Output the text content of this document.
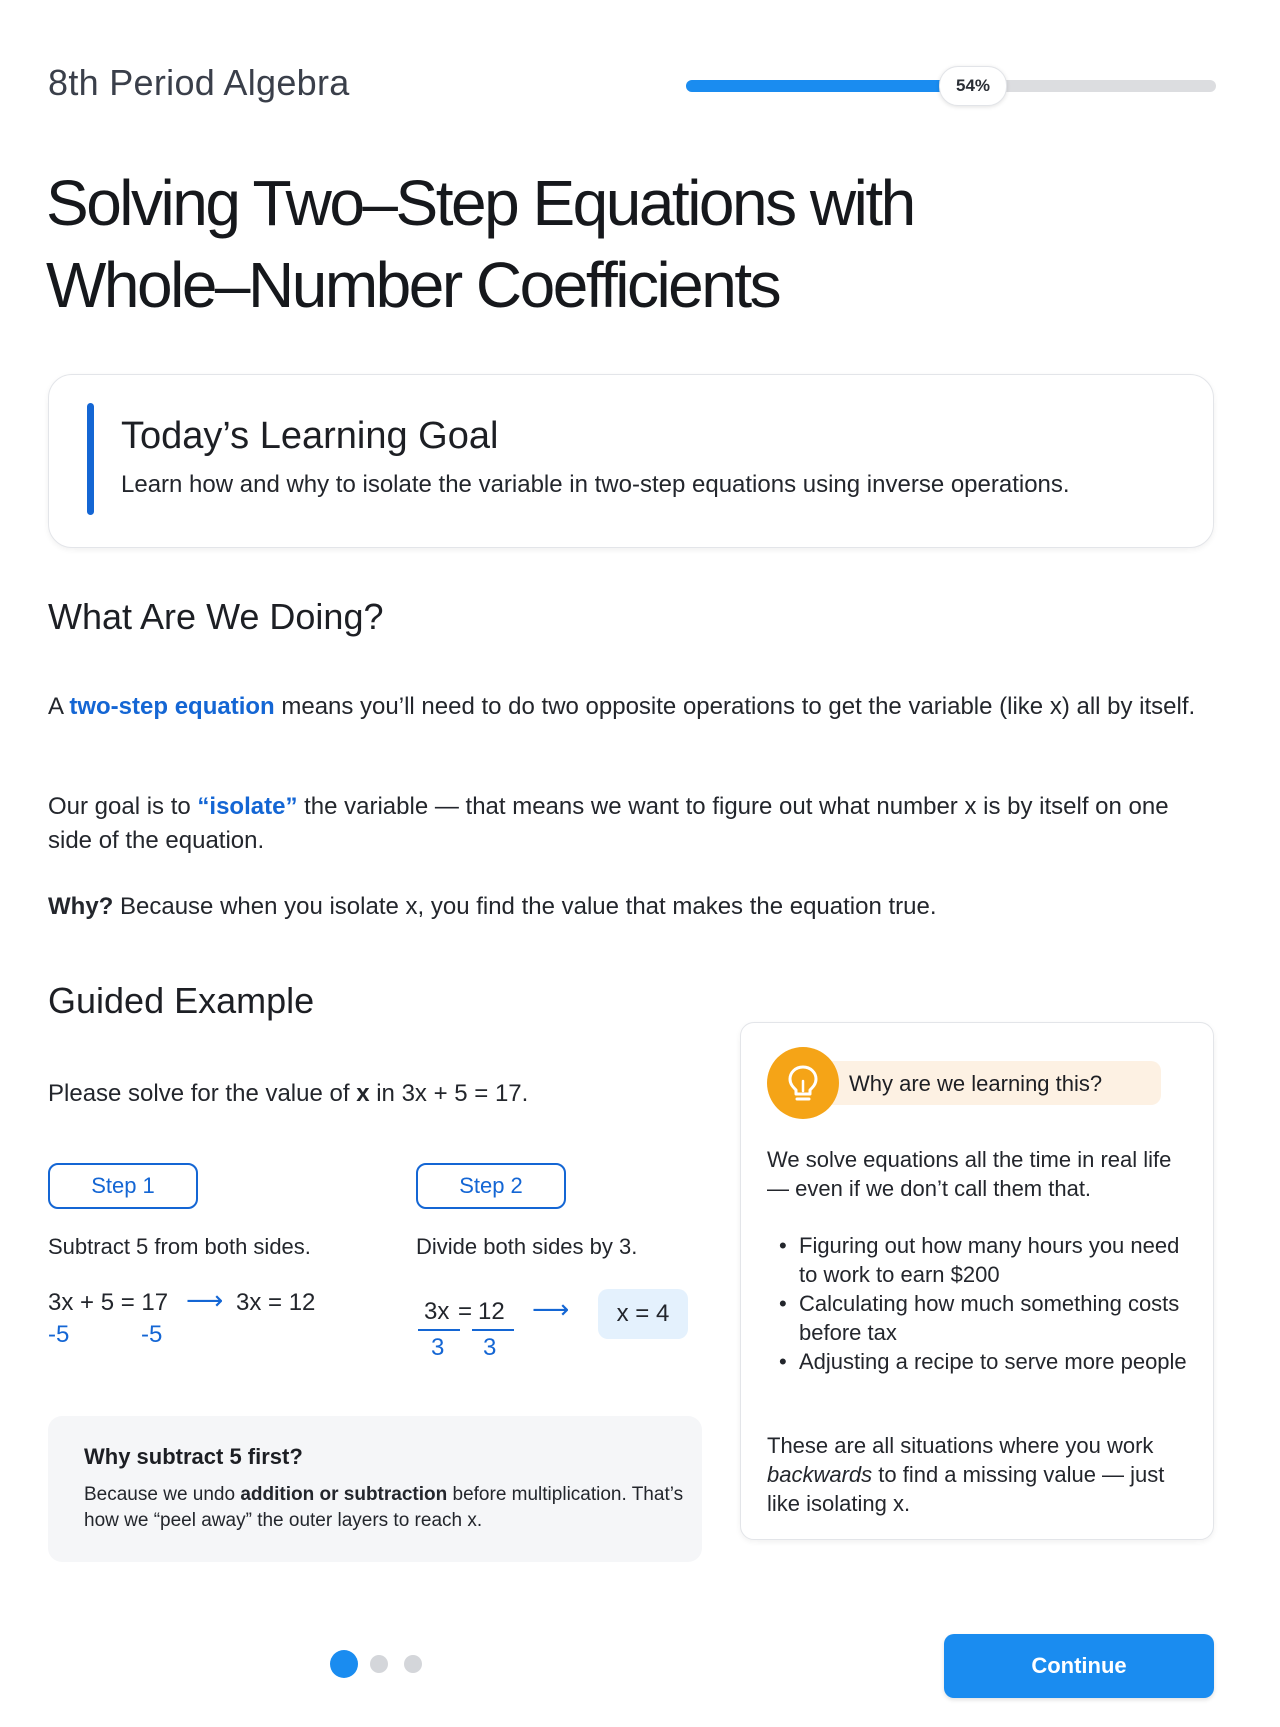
8th Period Algebra	54%
Solving Two–Step Equations with
Whole–Number Coefficients
Today’s Learning Goal
Learn how and why to isolate the variable in two-step equations using inverse operations.
What Are We Doing?

A two-step equation means you’ll need to do two opposite operations to get the variable (like x) all by itself.

Our goal is to “isolate” the variable — that means we want to figure out what number x is by itself on one side of the equation.

Why? Because when you isolate x, you find the value that makes the equation true.

Guided Example
Please solve for the value of x in 3x + 5 = 17.
Step 1
Subtract 5 from both sides.
3x + 5 = 17
-5	-5
⟶ 3x = 12
Step 2
Divide both sides by 3.
3x = 12
3 3
⟶	x = 4
Why subtract 5 first?
Because we undo addition or subtraction before multiplication. That’s how we “peel away” the outer layers to reach x.
Why are we learning this?
We solve equations all the time in real life — even if we don’t call them that.
• Figuring out how many hours you need to work to earn $200
• Calculating how much something costs before tax
• Adjusting a recipe to serve more people
These are all situations where you work backwards to find a missing value — just like isolating x.
Continue
